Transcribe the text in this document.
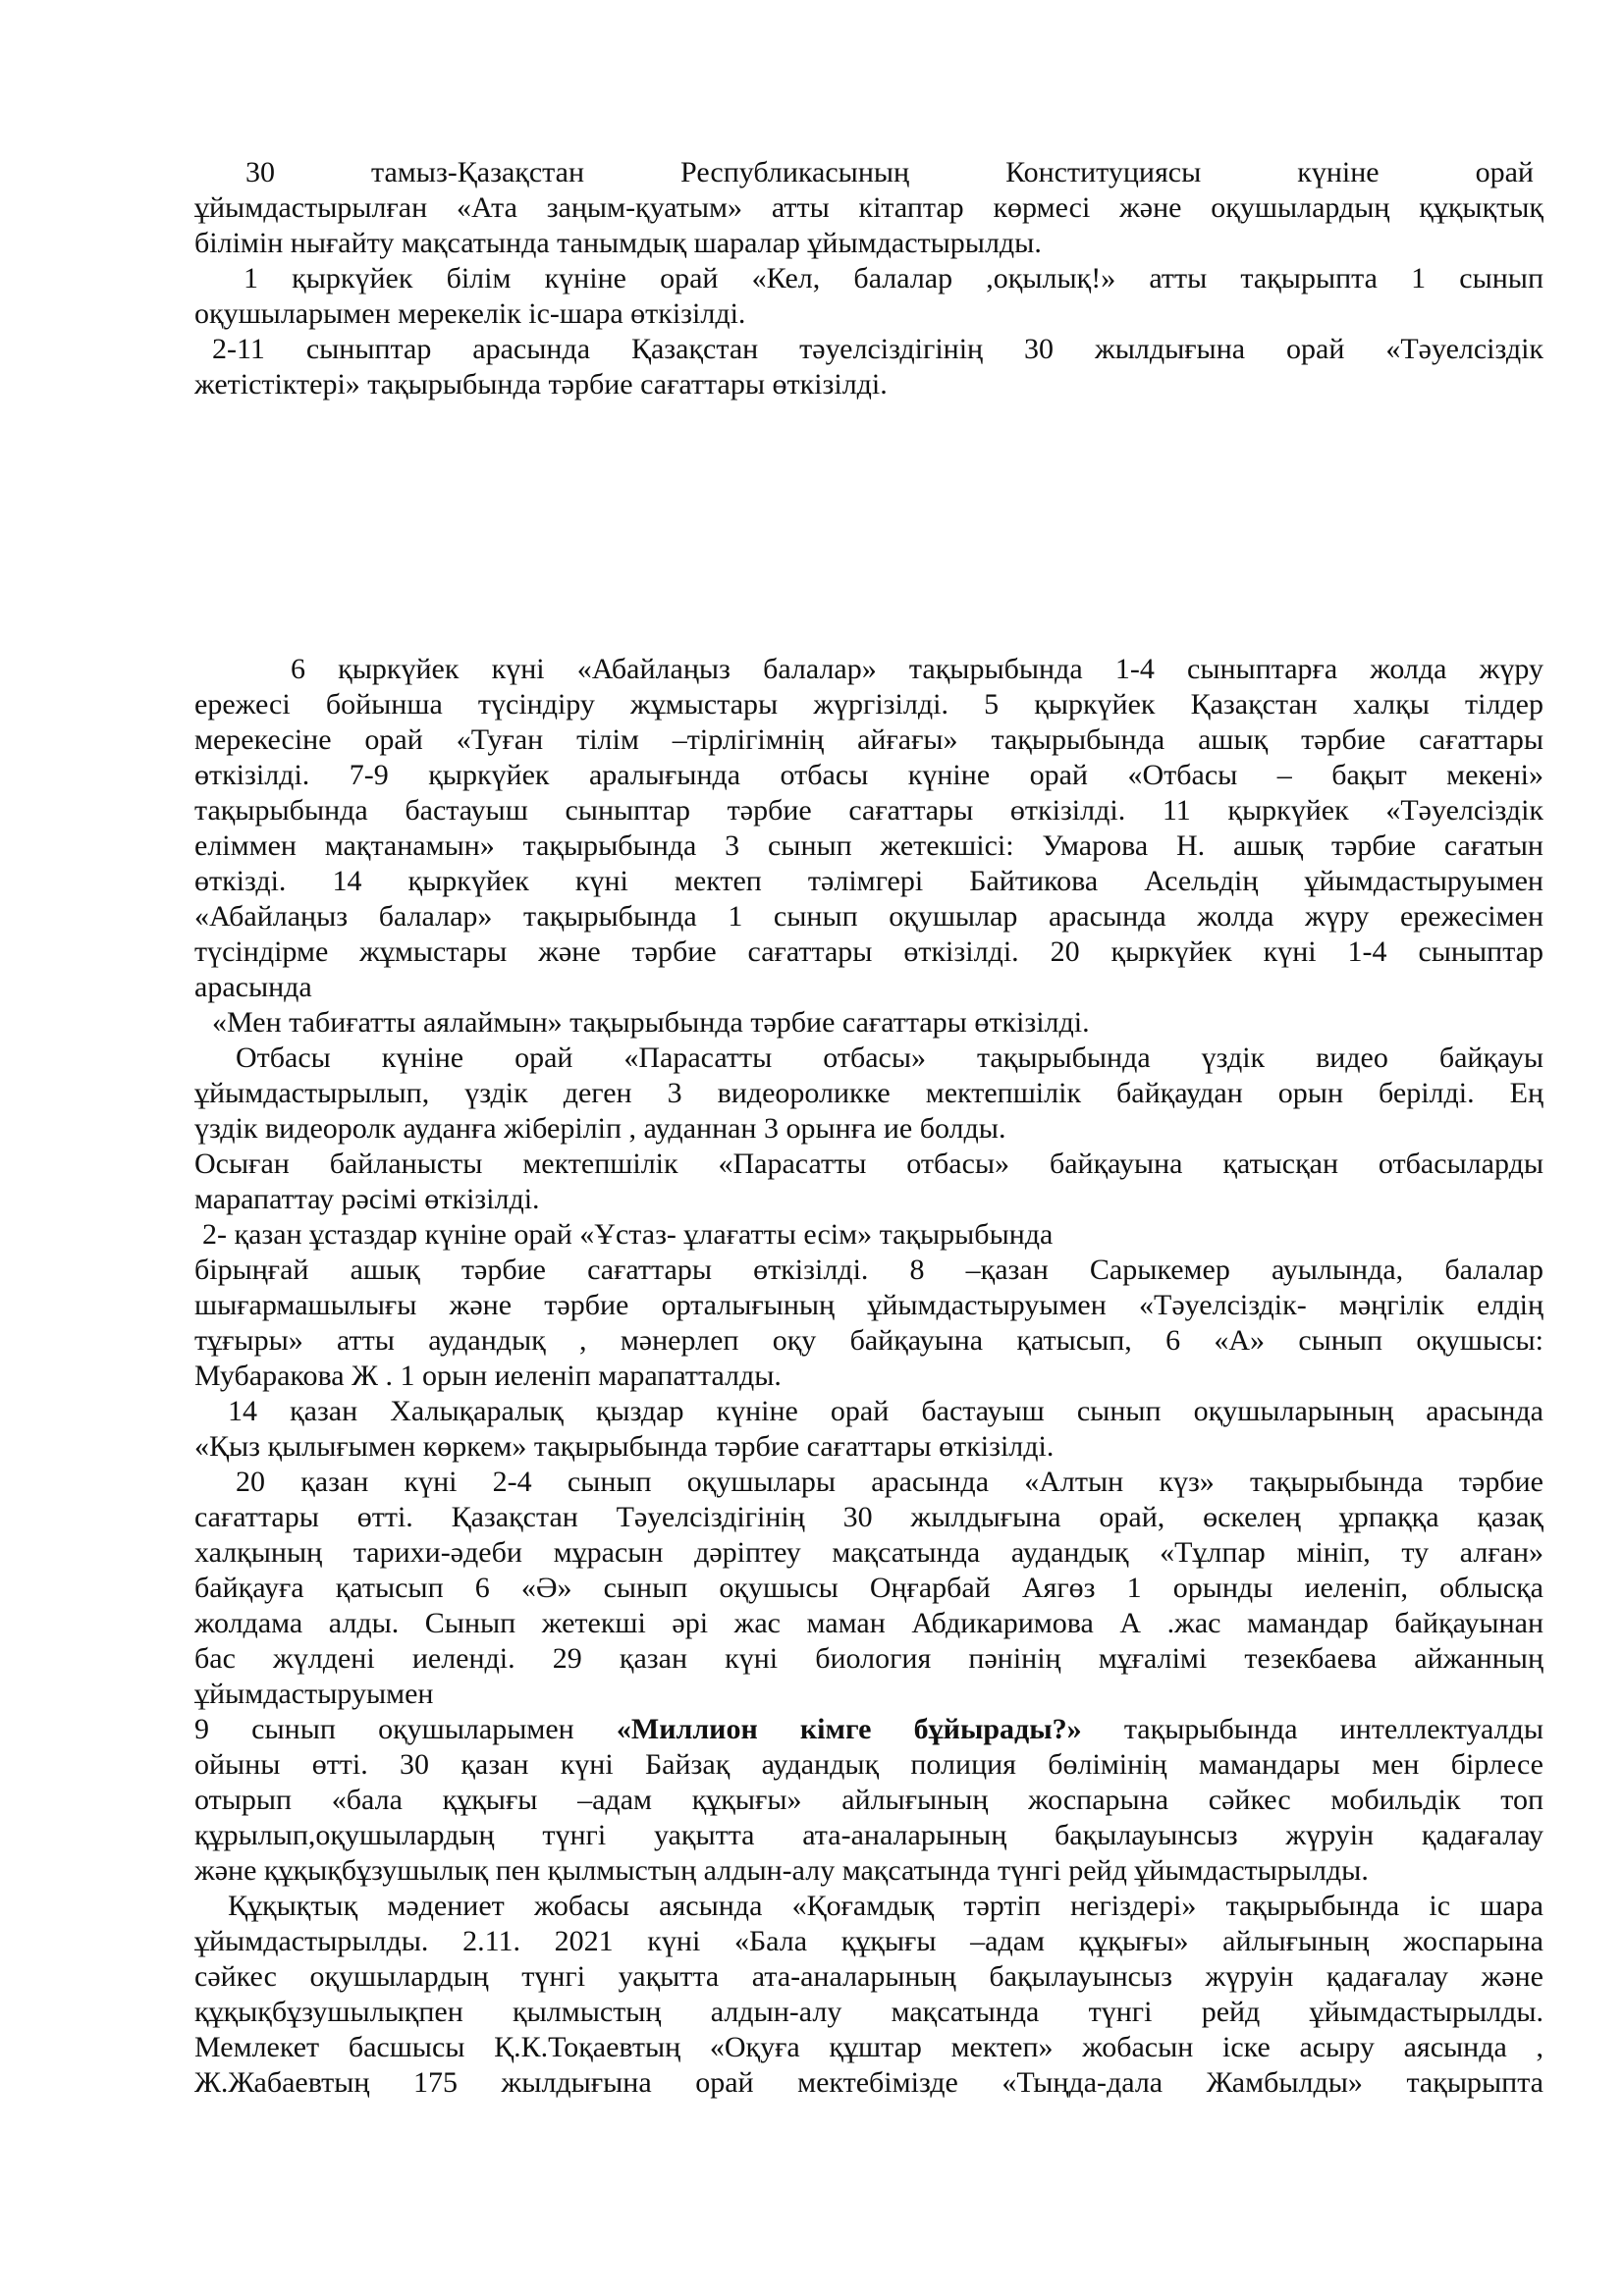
30 тамыз-Қазақстан Республикасының Конституциясы күніне орай
ұйымдастырылған «Ата заңым-қуатым» атты кітаптар көрмесі және оқушылардың құқықтық
білімін нығайту мақсатында танымдық шаралар ұйымдастырылды.
1 қыркүйек білім күніне орай «Кел, балалар ,оқылық!» атты тақырыпта 1 сынып
оқушыларымен мерекелік іс-шара өткізілді.
2-11 сыныптар арасында Қазақстан тәуелсіздігінің 30 жылдығына орай «Тәуелсіздік
жетістіктері» тақырыбында тәрбие сағаттары өткізілді.
6 қыркүйек күні «Абайлаңыз балалар» тақырыбында 1-4 сыныптарға жолда жүру
ережесі бойынша түсіндіру жұмыстары жүргізілді. 5 қыркүйек Қазақстан халқы тілдер
мерекесіне орай «Туған тілім –тірлігімнің айғағы» тақырыбында ашық тәрбие сағаттары
өткізілді. 7-9 қыркүйек аралығында отбасы күніне орай «Отбасы – бақыт мекені»
тақырыбында бастауыш сыныптар тәрбие сағаттары өткізілді. 11 қыркүйек «Тәуелсіздік
еліммен мақтанамын» тақырыбында 3 сынып жетекшісі: Умарова Н. ашық тәрбие сағатын
өткізді. 14 қыркүйек күні мектеп тәлімгері Байтикова Асельдің ұйымдастыруымен
«Абайлаңыз балалар» тақырыбында 1 сынып оқушылар арасында жолда жүру ережесімен
түсіндірме жұмыстары және тәрбие сағаттары өткізілді. 20 қыркүйек күні 1-4 сыныптар
арасында
«Мен табиғатты аялаймын» тақырыбында тәрбие сағаттары өткізілді.
Отбасы күніне орай «Парасатты отбасы» тақырыбында үздік видео байқауы
ұйымдастырылып, үздік деген 3 видеороликке мектепшілік байқаудан орын берілді. Ең
үздік видеоролк ауданға жіберіліп , ауданнан 3 орынға ие болды.
Осыған байланысты мектепшілік «Парасатты отбасы» байқауына қатысқан отбасыларды
марапаттау рәсімі өткізілді.
2- қазан ұстаздар күніне орай «Ұстаз- ұлағатты есім» тақырыбында
бірыңғай ашық тәрбие сағаттары өткізілді. 8 –қазан Сарыкемер ауылында, балалар
шығармашылығы және тәрбие орталығының ұйымдастыруымен «Тәуелсіздік- мәңгілік елдің
тұғыры» атты аудандық , мәнерлеп оқу байқауына қатысып, 6 «А» сынып оқушысы:
Мубаракова Ж . 1 орын иеленіп марапатталды.
14 қазан Халықаралық қыздар күніне орай бастауыш сынып оқушыларының арасында
«Қыз қылығымен көркем» тақырыбында тәрбие сағаттары өткізілді.
20 қазан күні 2-4 сынып оқушылары арасында «Алтын күз» тақырыбында тәрбие
сағаттары өтті. Қазақстан Тәуелсіздігінің 30 жылдығына орай, өскелең ұрпаққа қазақ
халқының тарихи-әдеби мұрасын дәріптеу мақсатында аудандық «Тұлпар мініп, ту алған»
байқауға қатысып 6 «Ә» сынып оқушысы Оңғарбай Аягөз 1 орынды иеленіп, облысқа
жолдама алды. Сынып жетекші әрі жас маман Абдикаримова А .жас мамандар байқауынан
бас жүлдені иеленді. 29 қазан күні биология пәнінің мұғалімі тезекбаева айжанның
ұйымдастыруымен
9 сынып оқушыларымен «Миллион кімге бұйырады?» тақырыбында интеллектуалды
ойыны өтті. 30 қазан күні Байзақ аудандық полиция бөлімінің мамандары мен бірлесе
отырып «бала құқығы –адам құқығы» айлығының жоспарына сәйкес мобильдік топ
құрылып,оқушылардың түнгі уақытта ата-аналарының бақылауынсыз жүруін қадағалау
және құқықбұзушылық пен қылмыстың алдын-алу мақсатында түнгі рейд ұйымдастырылды.
Құқықтық мәдениет жобасы аясында «Қоғамдық тәртіп негіздері» тақырыбында іс шара
ұйымдастырылды. 2.11. 2021 күні «Бала құқығы –адам құқығы» айлығының жоспарына
сәйкес оқушылардың түнгі уақытта ата-аналарының бақылауынсыз жүруін қадағалау және
құқықбұзушылықпен қылмыстың алдын-алу мақсатында түнгі рейд ұйымдастырылды.
Мемлекет басшысы Қ.К.Тоқаевтың «Оқуға құштар мектеп» жобасын іске асыру аясында ,
Ж.Жабаевтың 175 жылдығына орай мектебімізде «Тыңда-дала Жамбылды» тақырыпта
